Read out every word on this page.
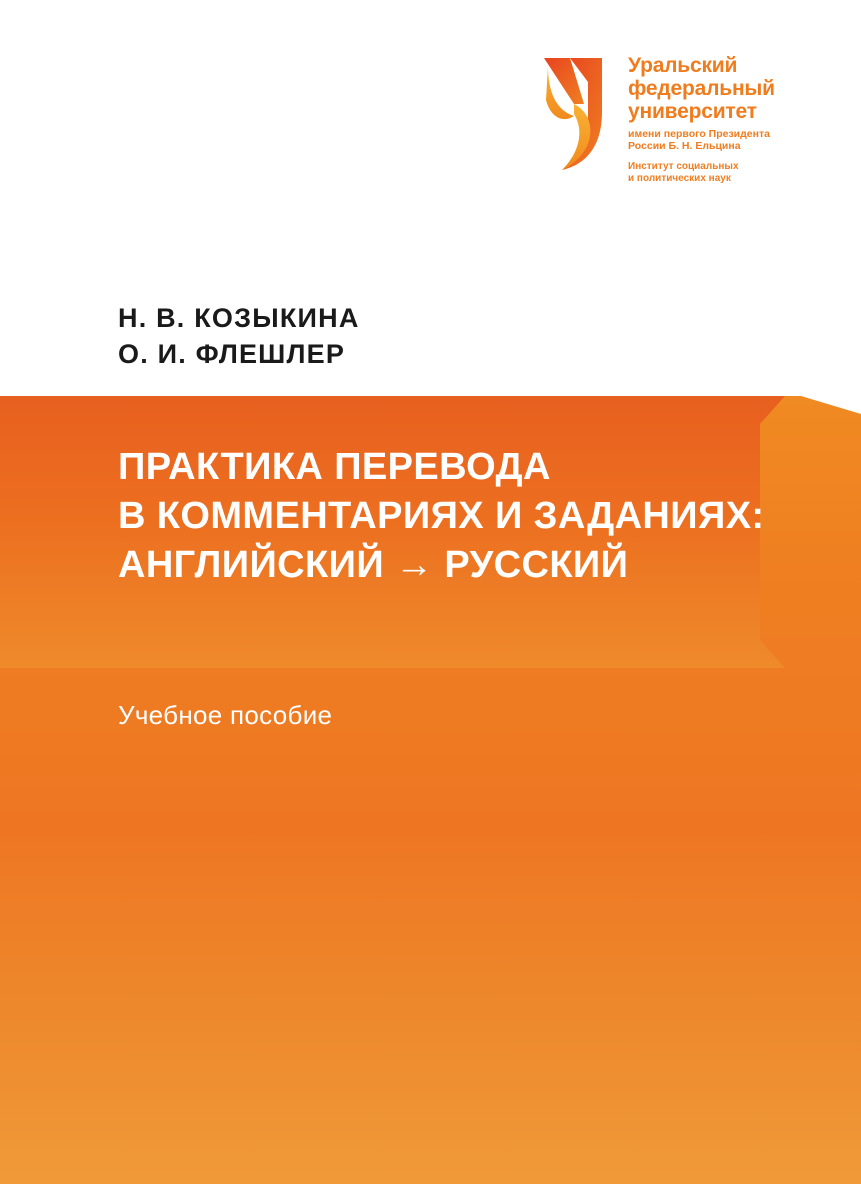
Уральский
федеральный
университет
имени первого Президента
России Б. Н. Ельцина
Институт социальных
и политических наук
Н. В. КОЗЫКИНА
О. И. ФЛЕШЛЕР
ПРАКТИКА ПЕРЕВОДА
В КОММЕНТАРИЯХ И ЗАДАНИЯХ:
АНГЛИЙСКИЙ → РУССКИЙ
Учебное пособие
